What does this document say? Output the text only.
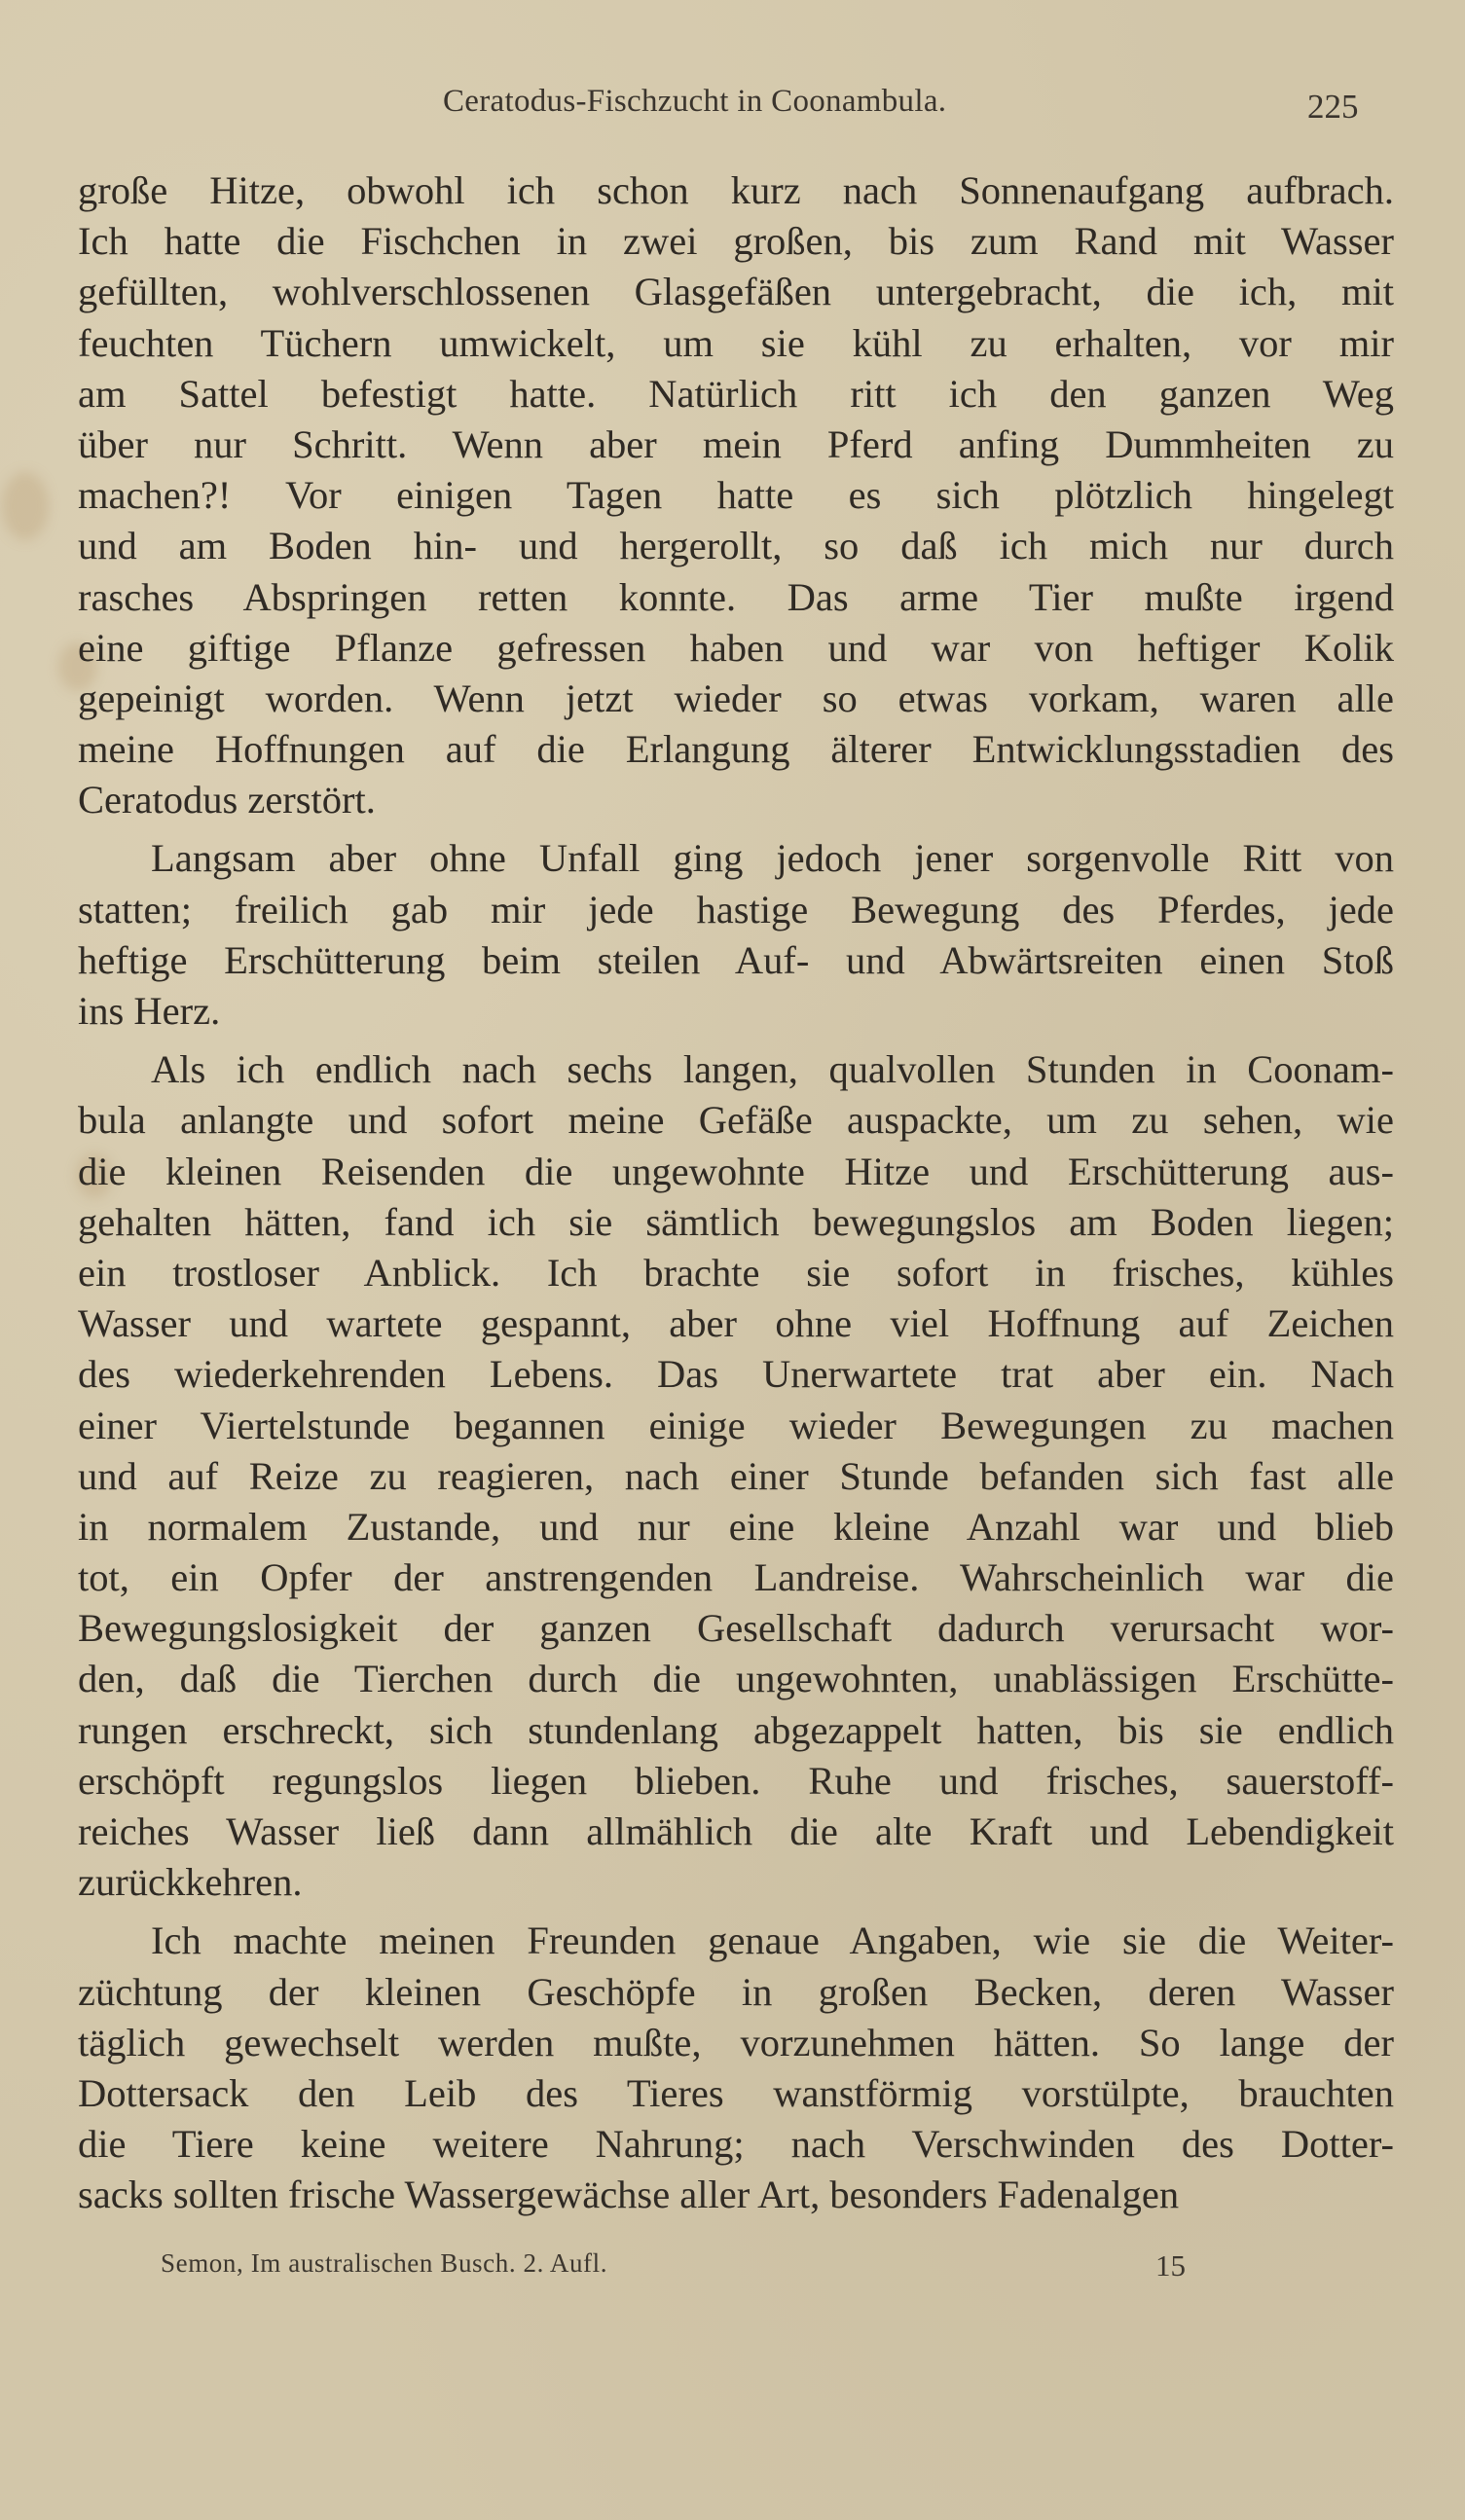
Ceratodus-Fischzucht in Coonambula.	225
große Hitze, obwohl ich schon kurz nach Sonnenaufgang aufbrach.
Ich hatte die Fischchen in zwei großen, bis zum Rand mit Wasser
gefüllten, wohlverschlossenen Glasgefäßen untergebracht, die ich, mit
feuchten Tüchern umwickelt, um sie kühl zu erhalten, vor mir
am Sattel befestigt hatte. Natürlich ritt ich den ganzen Weg
über nur Schritt. Wenn aber mein Pferd anfing Dummheiten zu
machen?! Vor einigen Tagen hatte es sich plötzlich hingelegt
und am Boden hin- und hergerollt, so daß ich mich nur durch
rasches Abspringen retten konnte. Das arme Tier mußte irgend
eine giftige Pflanze gefressen haben und war von heftiger Kolik
gepeinigt worden. Wenn jetzt wieder so etwas vorkam, waren alle
meine Hoffnungen auf die Erlangung älterer Entwicklungsstadien des
Ceratodus zerstört.
Langsam aber ohne Unfall ging jedoch jener sorgenvolle Ritt von
statten; freilich gab mir jede hastige Bewegung des Pferdes, jede
heftige Erschütterung beim steilen Auf- und Abwärtsreiten einen Stoß
ins Herz.
Als ich endlich nach sechs langen, qualvollen Stunden in Coonam-
bula anlangte und sofort meine Gefäße auspackte, um zu sehen, wie
die kleinen Reisenden die ungewohnte Hitze und Erschütterung aus-
gehalten hätten, fand ich sie sämtlich bewegungslos am Boden liegen;
ein trostloser Anblick. Ich brachte sie sofort in frisches, kühles
Wasser und wartete gespannt, aber ohne viel Hoffnung auf Zeichen
des wiederkehrenden Lebens. Das Unerwartete trat aber ein. Nach
einer Viertelstunde begannen einige wieder Bewegungen zu machen
und auf Reize zu reagieren, nach einer Stunde befanden sich fast alle
in normalem Zustande, und nur eine kleine Anzahl war und blieb
tot, ein Opfer der anstrengenden Landreise. Wahrscheinlich war die
Bewegungslosigkeit der ganzen Gesellschaft dadurch verursacht wor-
den, daß die Tierchen durch die ungewohnten, unablässigen Erschütte-
rungen erschreckt, sich stundenlang abgezappelt hatten, bis sie endlich
erschöpft regungslos liegen blieben. Ruhe und frisches, sauerstoff-
reiches Wasser ließ dann allmählich die alte Kraft und Lebendigkeit
zurückkehren.
Ich machte meinen Freunden genaue Angaben, wie sie die Weiter-
züchtung der kleinen Geschöpfe in großen Becken, deren Wasser
täglich gewechselt werden mußte, vorzunehmen hätten. So lange der
Dottersack den Leib des Tieres wanstförmig vorstülpte, brauchten
die Tiere keine weitere Nahrung; nach Verschwinden des Dotter-
sacks sollten frische Wassergewächse aller Art, besonders Fadenalgen
Semon, Im australischen Busch. 2. Aufl.	15
